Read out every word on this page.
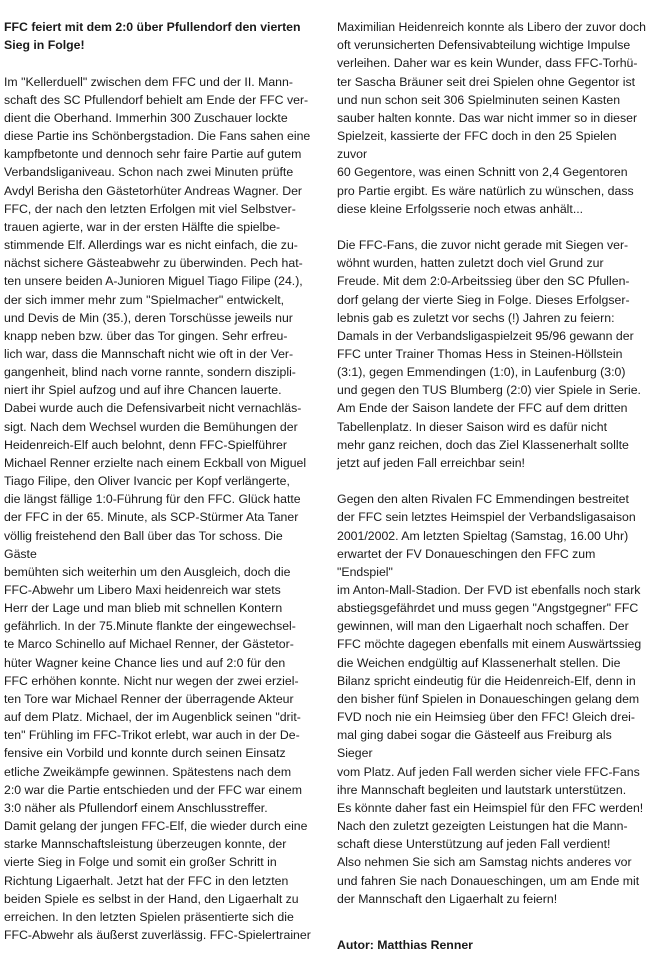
FFC feiert mit dem 2:0 über Pfullendorf den vierten
Sieg in Folge!

Im "Kellerduell" zwischen dem FFC und der II. Mann-
schaft des SC Pfullendorf behielt am Ende der FFC ver-
dient die Oberhand. Immerhin 300 Zuschauer lockte
diese Partie ins Schönbergstadion. Die Fans sahen eine
kampfbetonte und dennoch sehr faire Partie auf gutem
Verbandsliganiveau. Schon nach zwei Minuten prüfte
Avdyl Berisha den Gästetorhüter Andreas Wagner. Der
FFC, der nach den letzten Erfolgen mit viel Selbstver-
trauen agierte, war in der ersten Hälfte die spielbe-
stimmende Elf. Allerdings war es nicht einfach, die zu-
nächst sichere Gästeabwehr zu überwinden. Pech hat-
ten unsere beiden A-Junioren Miguel Tiago Filipe (24.),
der sich immer mehr zum "Spielmacher" entwickelt,
und Devis de Min (35.), deren Torschüsse jeweils nur
knapp neben bzw. über das Tor gingen. Sehr erfreu-
lich war, dass die Mannschaft nicht wie oft in der Ver-
gangenheit, blind nach vorne rannte, sondern diszipli-
niert ihr Spiel aufzog und auf ihre Chancen lauerte.
Dabei wurde auch die Defensivarbeit nicht vernachläs-
sigt. Nach dem Wechsel wurden die Bemühungen der
Heidenreich-Elf auch belohnt, denn FFC-Spielführer
Michael Renner erzielte nach einem Eckball von Miguel
Tiago Filipe, den Oliver Ivancic per Kopf verlängerte,
die längst fällige 1:0-Führung für den FFC. Glück hatte
der FFC in der 65. Minute, als SCP-Stürmer Ata Taner
völlig freistehend den Ball über das Tor schoss. Die Gäste
bemühten sich weiterhin um den Ausgleich, doch die
FFC-Abwehr um Libero Maxi heidenreich war stets
Herr der Lage und man blieb mit schnellen Kontern
gefährlich. In der 75.Minute flankte der eingewechsel-
te Marco Schinello auf Michael Renner, der Gästetor-
hüter Wagner keine Chance lies und auf 2:0 für den
FFC erhöhen konnte. Nicht nur wegen der zwei erziel-
ten Tore war Michael Renner der überragende Akteur
auf dem Platz. Michael, der im Augenblick seinen "drit-
ten" Frühling im FFC-Trikot erlebt, war auch in der De-
fensive ein Vorbild und konnte durch seinen Einsatz
etliche Zweikämpfe gewinnen. Spätestens nach dem
2:0 war die Partie entschieden und der FFC war einem
3:0 näher als Pfullendorf einem Anschlusstreffer.
Damit gelang der jungen FFC-Elf, die wieder durch eine
starke Mannschaftsleistung überzeugen konnte, der
vierte Sieg in Folge und somit ein großer Schritt in
Richtung Ligaerhalt. Jetzt hat der FFC in den letzten
beiden Spiele es selbst in der Hand, den Ligaerhalt zu
erreichen. In den letzten Spielen präsentierte sich die
FFC-Abwehr als äußerst zuverlässig. FFC-Spielertrainer

Maximilian Heidenreich konnte als Libero der zuvor doch
oft verunsicherten Defensivabteilung wichtige Impulse
verleihen. Daher war es kein Wunder, dass FFC-Torhü-
ter Sascha Bräuner seit drei Spielen ohne Gegentor ist
und nun schon seit 306 Spielminuten seinen Kasten
sauber halten konnte. Das war nicht immer so in dieser
Spielzeit, kassierte der FFC doch in den 25 Spielen zuvor
60 Gegentore, was einen Schnitt von 2,4 Gegentoren
pro Partie ergibt. Es wäre natürlich zu wünschen, dass
diese kleine Erfolgsserie noch etwas anhält...

Die FFC-Fans, die zuvor nicht gerade mit Siegen ver-
wöhnt wurden, hatten zuletzt doch viel Grund zur
Freude. Mit dem 2:0-Arbeitssieg über den SC Pfullen-
dorf gelang der vierte Sieg in Folge. Dieses Erfolgser-
lebnis gab es zuletzt vor sechs (!) Jahren zu feiern:
Damals in der Verbandsligaspielzeit 95/96 gewann der
FFC unter Trainer Thomas Hess in Steinen-Höllstein
(3:1), gegen Emmendingen (1:0), in Laufenburg (3:0)
und gegen den TUS Blumberg (2:0) vier Spiele in Serie.
Am Ende der Saison landete der FFC auf dem dritten
Tabellenplatz. In dieser Saison wird es dafür nicht
mehr ganz reichen, doch das Ziel Klassenerhalt sollte
jetzt auf jeden Fall erreichbar sein!

Gegen den alten Rivalen FC Emmendingen bestreitet
der FFC sein letztes Heimspiel der Verbandsligasaison
2001/2002. Am letzten Spieltag (Samstag, 16.00 Uhr)
erwartet der FV Donaueschingen den FFC zum "Endspiel"
im Anton-Mall-Stadion. Der FVD ist ebenfalls noch stark
abstiegsgefährdet und muss gegen "Angstgegner" FFC
gewinnen, will man den Ligaerhalt noch schaffen. Der
FFC möchte dagegen ebenfalls mit einem Auswärtssieg
die Weichen endgültig auf Klassenerhalt stellen. Die
Bilanz spricht eindeutig für die Heidenreich-Elf, denn in
den bisher fünf Spielen in Donaueschingen gelang dem
FVD noch nie ein Heimsieg über den FFC! Gleich drei-
mal ging dabei sogar die Gästeelf aus Freiburg als Sieger
vom Platz. Auf jeden Fall werden sicher viele FFC-Fans
ihre Mannschaft begleiten und lautstark unterstützen.
Es könnte daher fast ein Heimspiel für den FFC werden!
Nach den zuletzt gezeigten Leistungen hat die Mann-
schaft diese Unterstützung auf jeden Fall verdient!
Also nehmen Sie sich am Samstag nichts anderes vor
und fahren Sie nach Donaueschingen, um am Ende mit
der Mannschaft den Ligaerhalt zu feiern!

Autor: Matthias Renner
